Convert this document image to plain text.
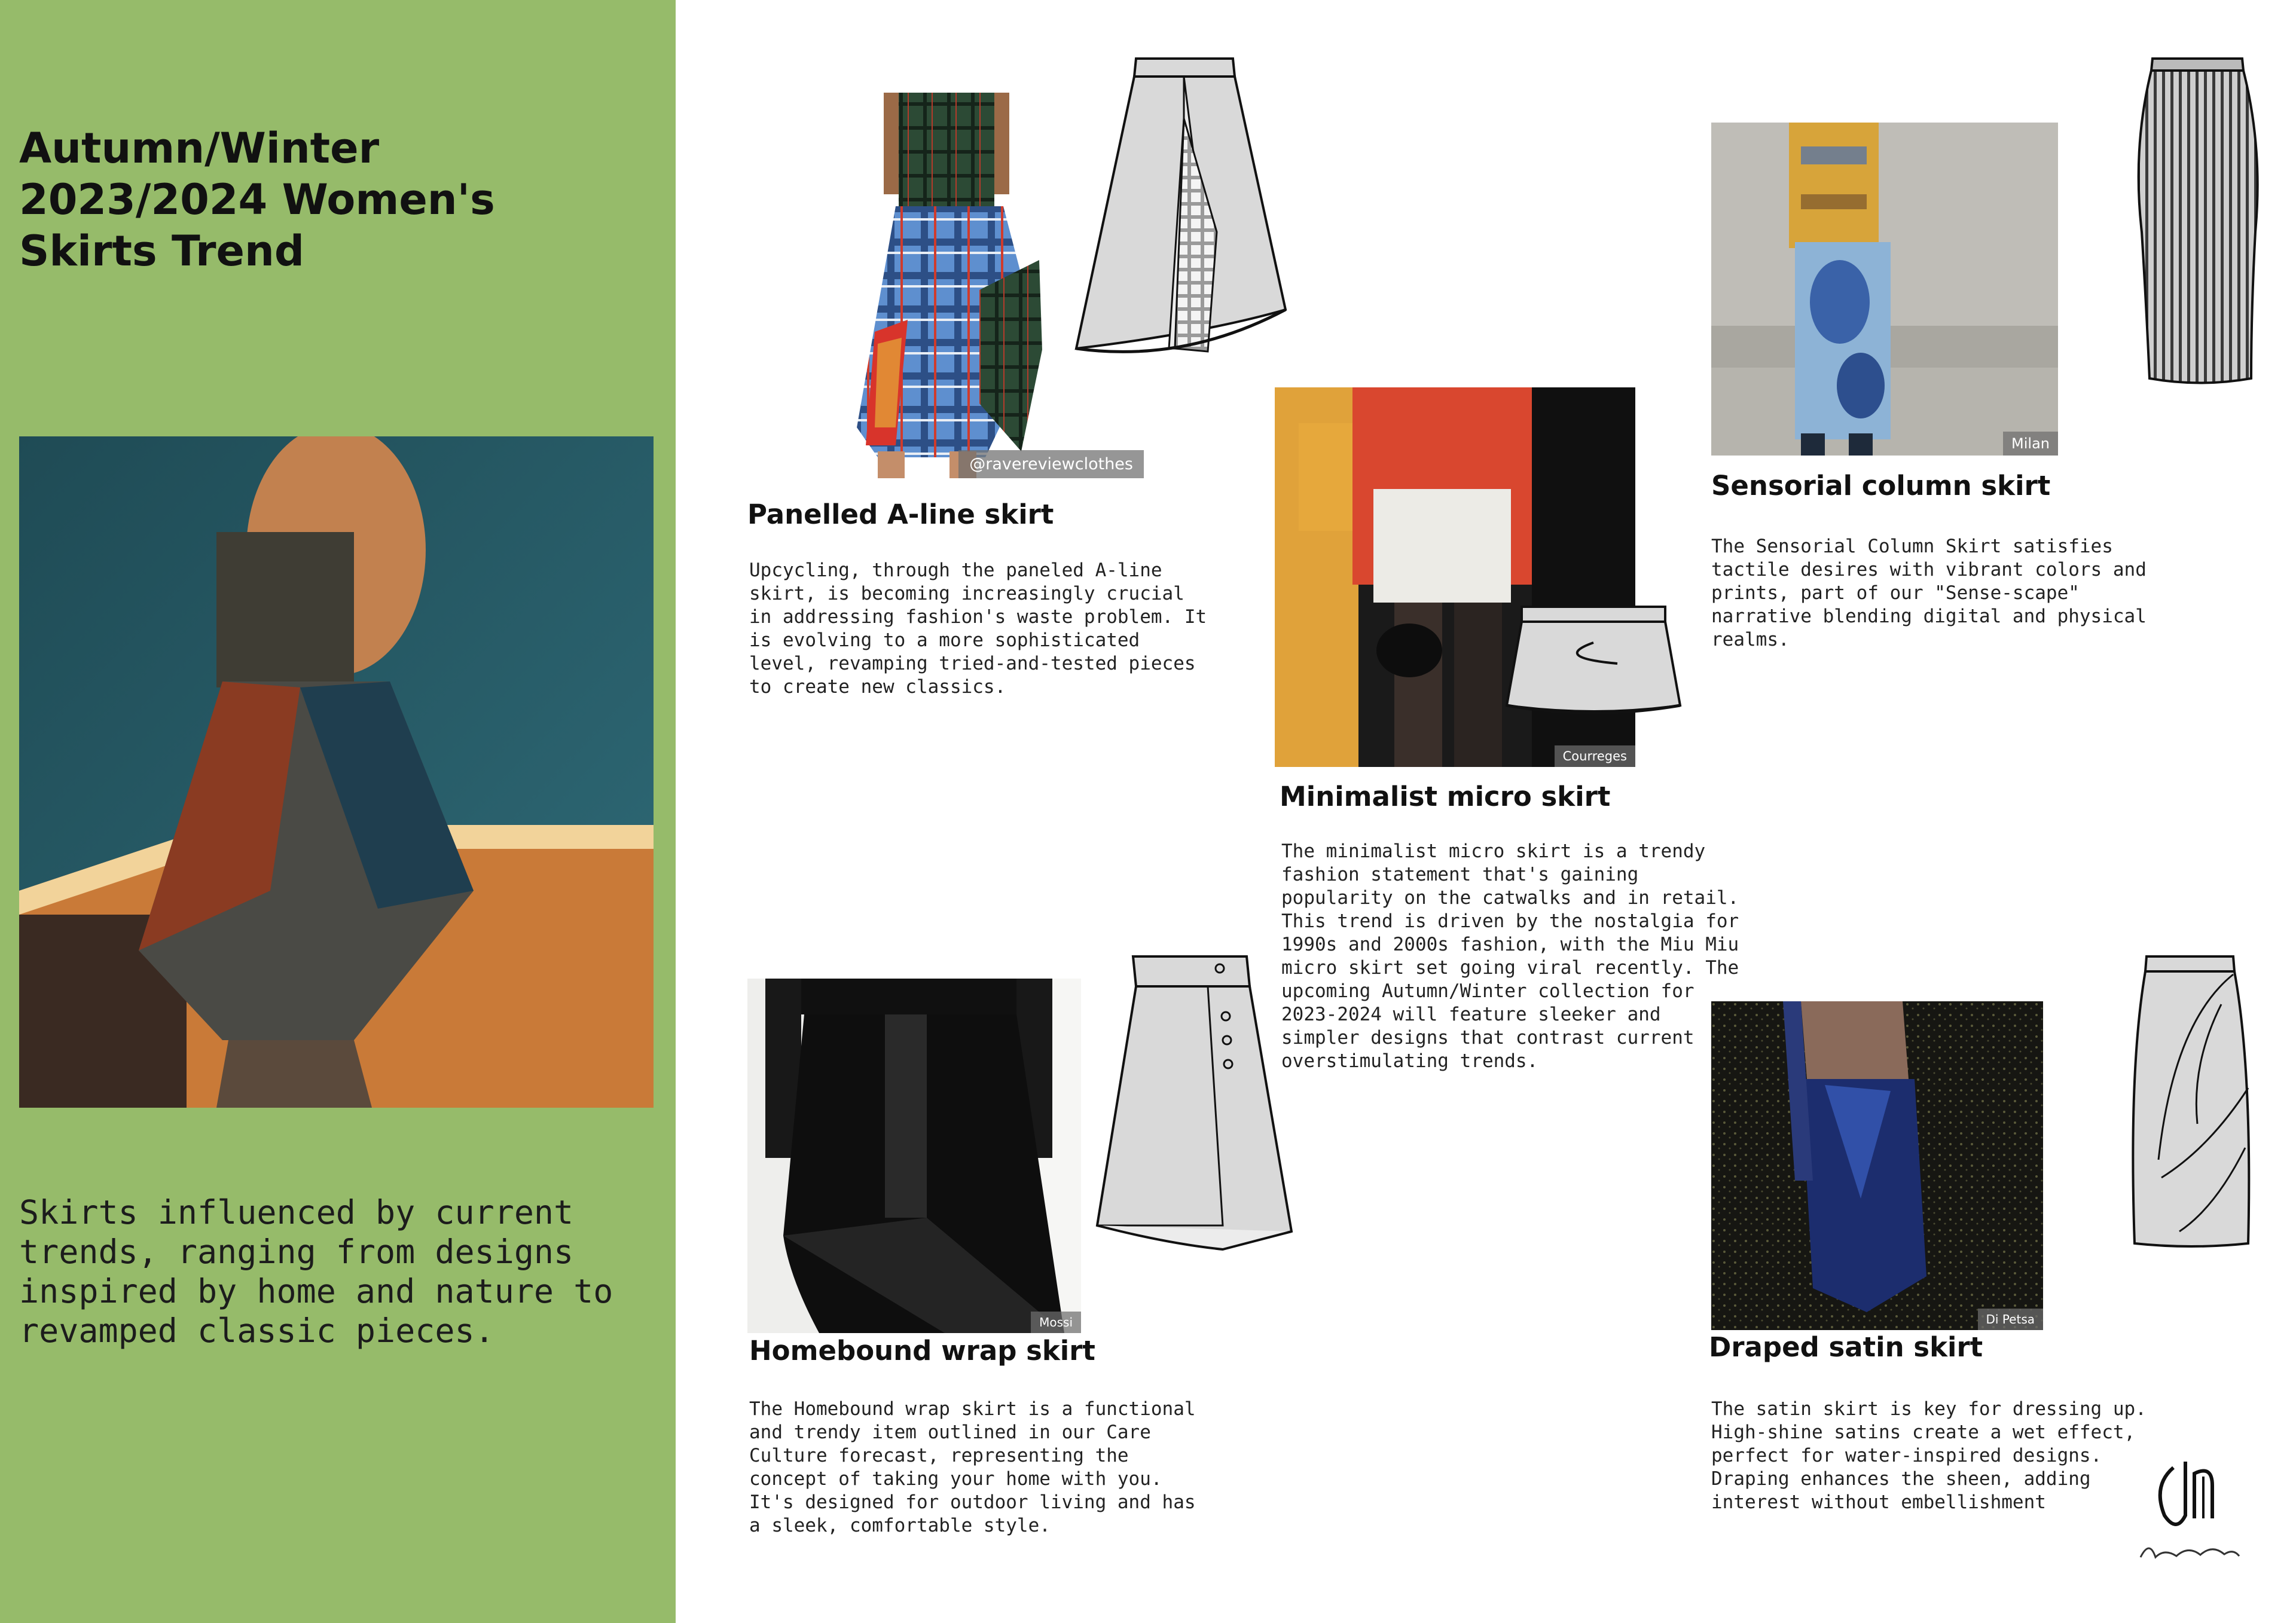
Autumn/Winter 2023/2024 Women's Skirts Trend

Skirts influenced by current trends, ranging from designs inspired by home and nature to revamped classic pieces.

@ravereviewclothes
Panelled A-line skirt

Upcycling, through the paneled A-line skirt, is becoming increasingly crucial in addressing fashion's waste problem. It is evolving to a more sophisticated level, revamping tried-and-tested pieces to create new classics.

Courreges
Minimalist micro skirt

The minimalist micro skirt is a trendy fashion statement that's gaining popularity on the catwalks and in retail. This trend is driven by the nostalgia for 1990s and 2000s fashion, with the Miu Miu micro skirt set going viral recently. The upcoming Autumn/Winter collection for 2023-2024 will feature sleeker and simpler designs that contrast current overstimulating trends.

Milan
Sensorial column skirt

The Sensorial Column Skirt satisfies tactile desires with vibrant colors and prints, part of our "Sense-scape" narrative blending digital and physical realms.

Mossi
Homebound wrap skirt

The Homebound wrap skirt is a functional and trendy item outlined in our Care Culture forecast, representing the concept of taking your home with you. It's designed for outdoor living and has a sleek, comfortable style.

Di Petsa
Draped satin skirt

The satin skirt is key for dressing up. High-shine satins create a wet effect, perfect for water-inspired designs. Draping enhances the sheen, adding interest without embellishment
